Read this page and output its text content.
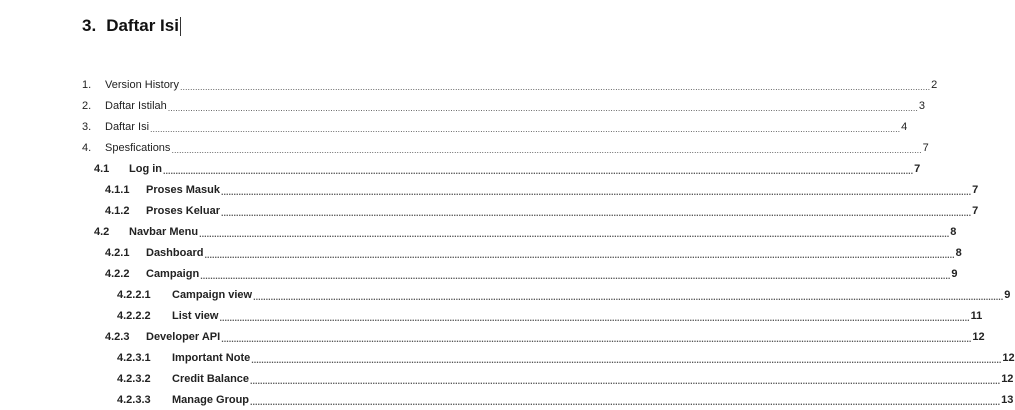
3. Daftar Isi
1.	Version History ............................................................................................................................................................................................................................................................................................................ 2
2.	Daftar Istilah ............................................................................................................................................................................................................................................................................................................ 3
3.	Daftar Isi ............................................................................................................................................................................................................................................................................................................ 4
4.	Spesfications ............................................................................................................................................................................................................................................................................................................ 7
4.1	Log in ............................................................................................................................................................................................................................................................................................................ 7
4.1.1	Proses Masuk ............................................................................................................................................................................................................................................................................................................ 7
4.1.2	Proses Keluar ............................................................................................................................................................................................................................................................................................................ 7
4.2	Navbar Menu ............................................................................................................................................................................................................................................................................................................ 8
4.2.1	Dashboard ............................................................................................................................................................................................................................................................................................................ 8
4.2.2	Campaign ............................................................................................................................................................................................................................................................................................................ 9
4.2.2.1	Campaign view ............................................................................................................................................................................................................................................................................................................ 9
4.2.2.2	List view ............................................................................................................................................................................................................................................................................................................ 11
4.2.3	Developer API ............................................................................................................................................................................................................................................................................................................ 12
4.2.3.1	Important Note ............................................................................................................................................................................................................................................................................................................ 12
4.2.3.2	Credit Balance ............................................................................................................................................................................................................................................................................................................ 12
4.2.3.3	Manage Group ............................................................................................................................................................................................................................................................................................................ 13
